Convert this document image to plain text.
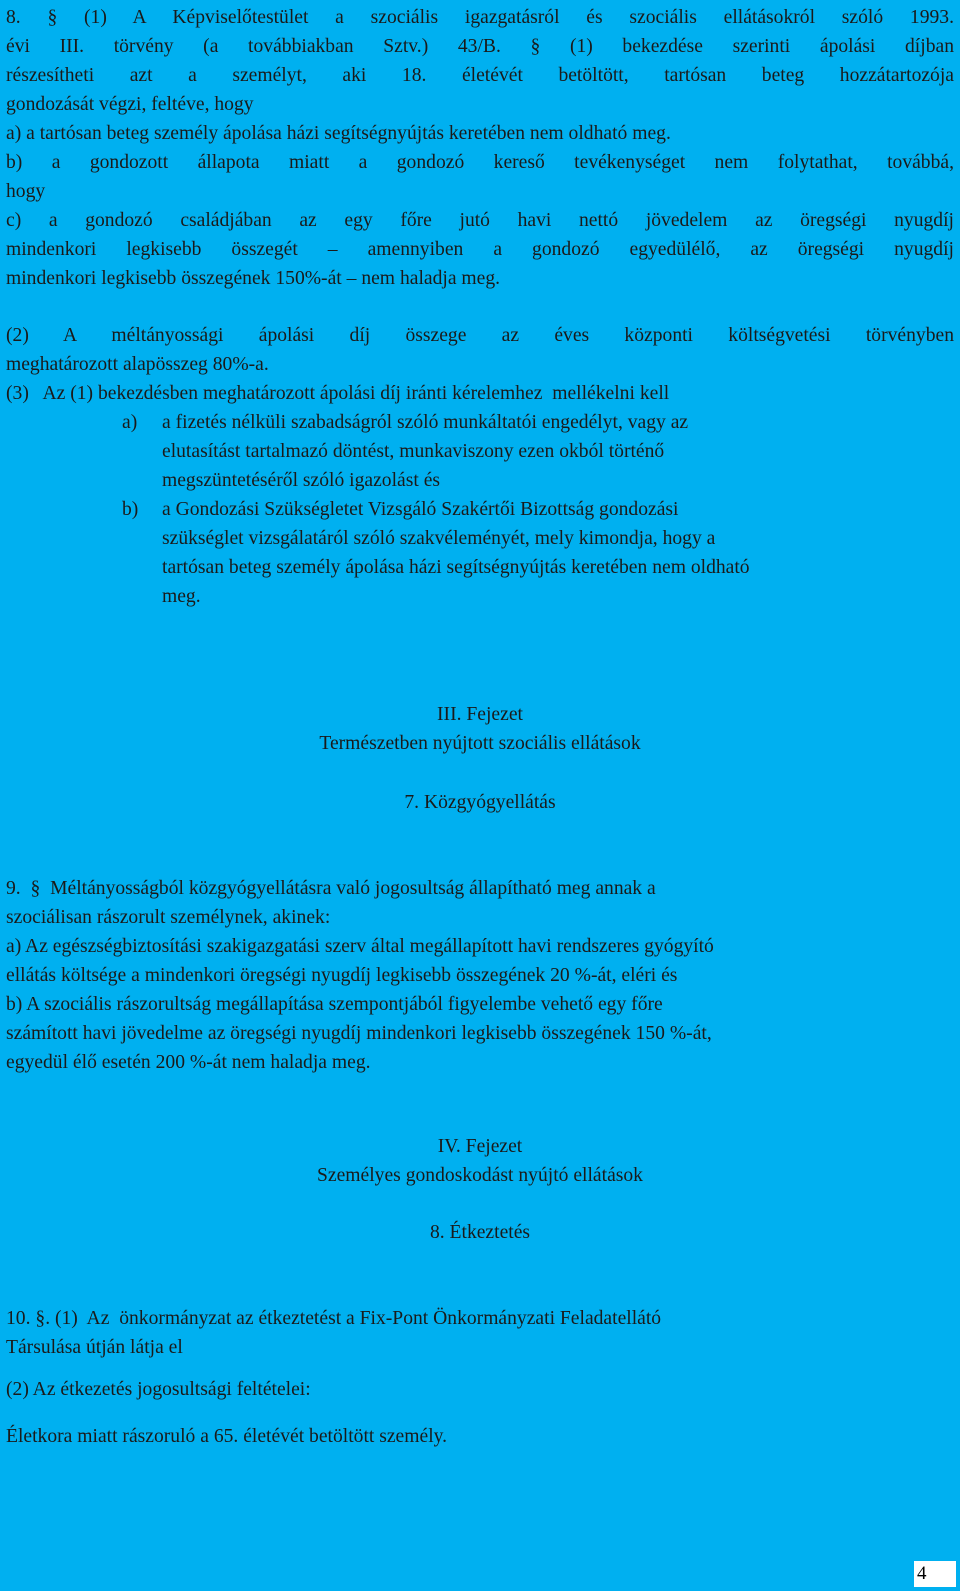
8. § (1) A Képviselőtestület a szociális igazgatásról és szociális ellátásokról szóló 1993.
évi III. törvény (a továbbiakban Sztv.) 43/B. § (1) bekezdése szerinti ápolási díjban
részesítheti azt a személyt, aki 18. életévét betöltött, tartósan beteg hozzátartozója
gondozását végzi, feltéve, hogy
a) a tartósan beteg személy ápolása házi segítségnyújtás keretében nem oldható meg.
b) a gondozott állapota miatt a gondozó kereső tevékenységet nem folytathat, továbbá,
hogy
c) a gondozó családjában az egy főre jutó havi nettó jövedelem az öregségi nyugdíj
mindenkori legkisebb összegét – amennyiben a gondozó egyedülélő, az öregségi nyugdíj
mindenkori legkisebb összegének 150%-át – nem haladja meg.
(2) A méltányossági ápolási díj összege az éves központi költségvetési törvényben
meghatározott alapösszeg 80%-a.
(3)   Az (1) bekezdésben meghatározott ápolási díj iránti kérelemhez  mellékelni kell
a) a fizetés nélküli szabadságról szóló munkáltatói engedélyt, vagy az
elutasítást tartalmazó döntést, munkaviszony ezen okból történő
megszüntetéséről szóló igazolást és
b) a Gondozási Szükségletet Vizsgáló Szakértői Bizottság gondozási
szükséglet vizsgálatáról szóló szakvéleményét, mely kimondja, hogy a
tartósan beteg személy ápolása házi segítségnyújtás keretében nem oldható
meg.
III. Fejezet
Természetben nyújtott szociális ellátások
7. Közgyógyellátás
9.  §  Méltányosságból közgyógyellátásra való jogosultság állapítható meg annak a
szociálisan rászorult személynek, akinek:
a) Az egészségbiztosítási szakigazgatási szerv által megállapított havi rendszeres gyógyító
ellátás költsége a mindenkori öregségi nyugdíj legkisebb összegének 20 %-át, eléri és
b) A szociális rászorultság megállapítása szempontjából figyelembe vehető egy főre
számított havi jövedelme az öregségi nyugdíj mindenkori legkisebb összegének 150 %-át,
egyedül élő esetén 200 %-át nem haladja meg.
IV. Fejezet
Személyes gondoskodást nyújtó ellátások
8. Étkeztetés
10. §. (1)  Az  önkormányzat az étkeztetést a Fix-Pont Önkormányzati Feladatellátó
Társulása útján látja el
(2) Az étkezetés jogosultsági feltételei:
Életkora miatt rászoruló a 65. életévét betöltött személy.
4
